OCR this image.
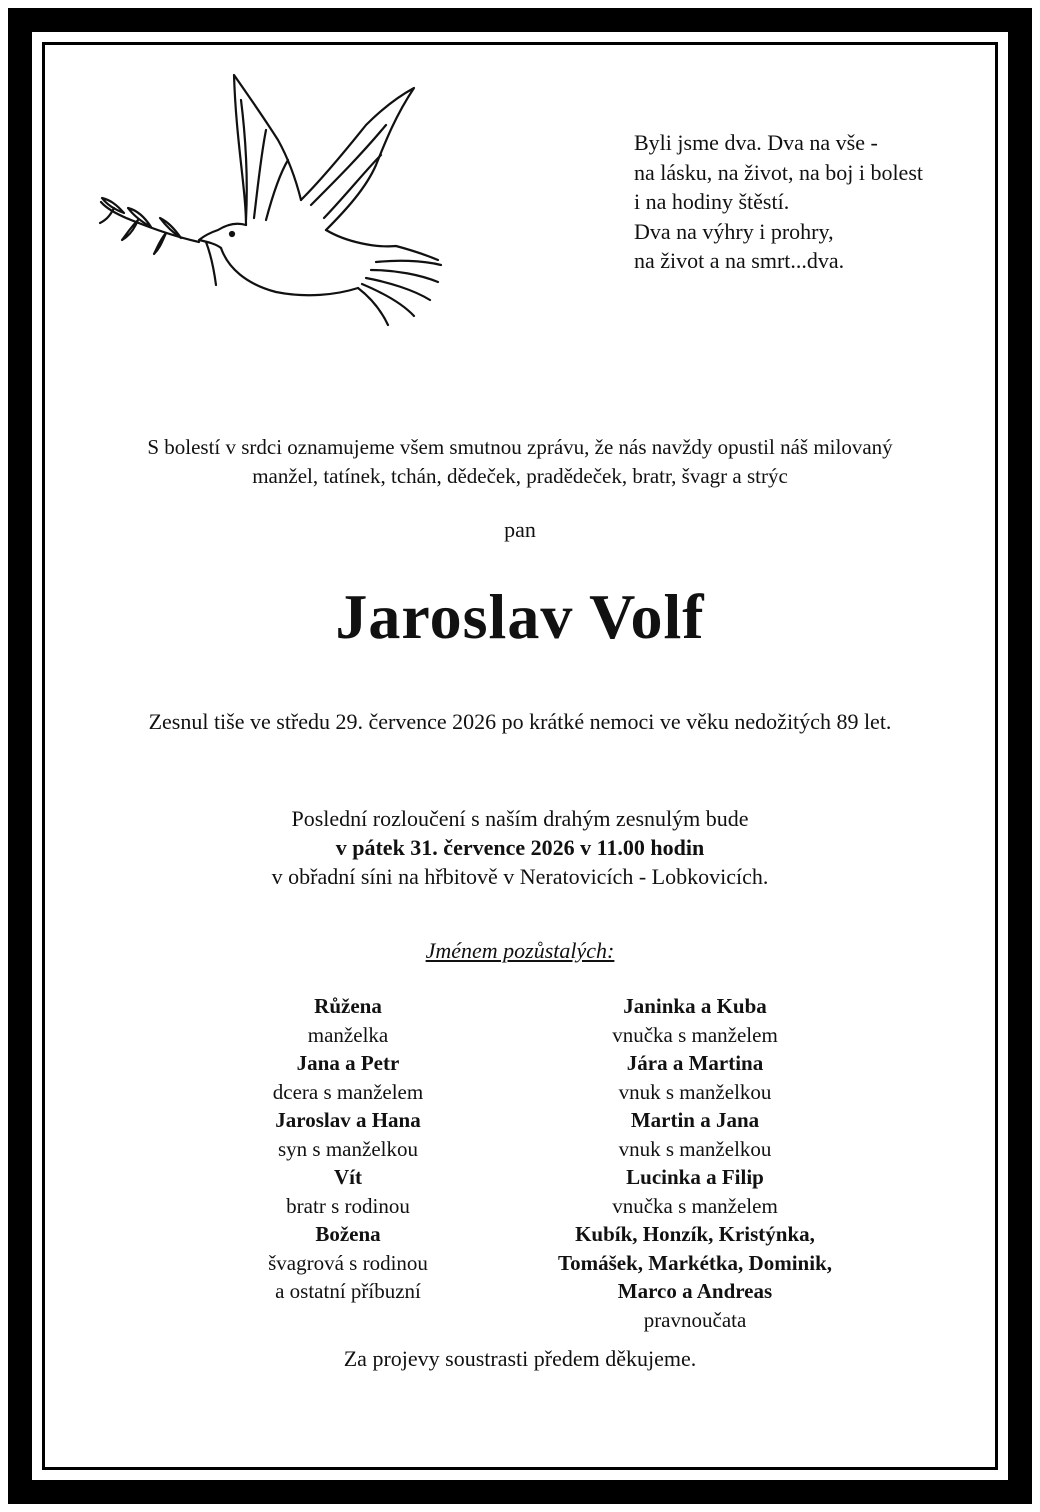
Byli jsme dva. Dva na vše -
na lásku, na život, na boj i bolest
i na hodiny štěstí.
Dva na výhry i prohry,
na život a na smrt...dva.
S bolestí v srdci oznamujeme všem smutnou zprávu, že nás navždy opustil náš milovaný
manžel, tatínek, tchán, dědeček, pradědeček, bratr, švagr a strýc
pan
Jaroslav Volf
Zesnul tiše ve středu 29. července 2026 po krátké nemoci ve věku nedožitých 89 let.
Poslední rozloučení s naším drahým zesnulým bude
v pátek 31. července 2026 v 11.00 hodin
v obřadní síni na hřbitově v Neratovicích - Lobkovicích.
Jménem pozůstalých:
Růžena
manželka
Jana a Petr
dcera s manželem
Jaroslav a Hana
syn s manželkou
Vít
bratr s rodinou
Božena
švagrová s rodinou
a ostatní příbuzní
Janinka a Kuba
vnučka s manželem
Jára a Martina
vnuk s manželkou
Martin a Jana
vnuk s manželkou
Lucinka a Filip
vnučka s manželem
Kubík, Honzík, Kristýnka,
Tomášek, Markétka, Dominik,
Marco a Andreas
pravnoučata
Za projevy soustrasti předem děkujeme.
